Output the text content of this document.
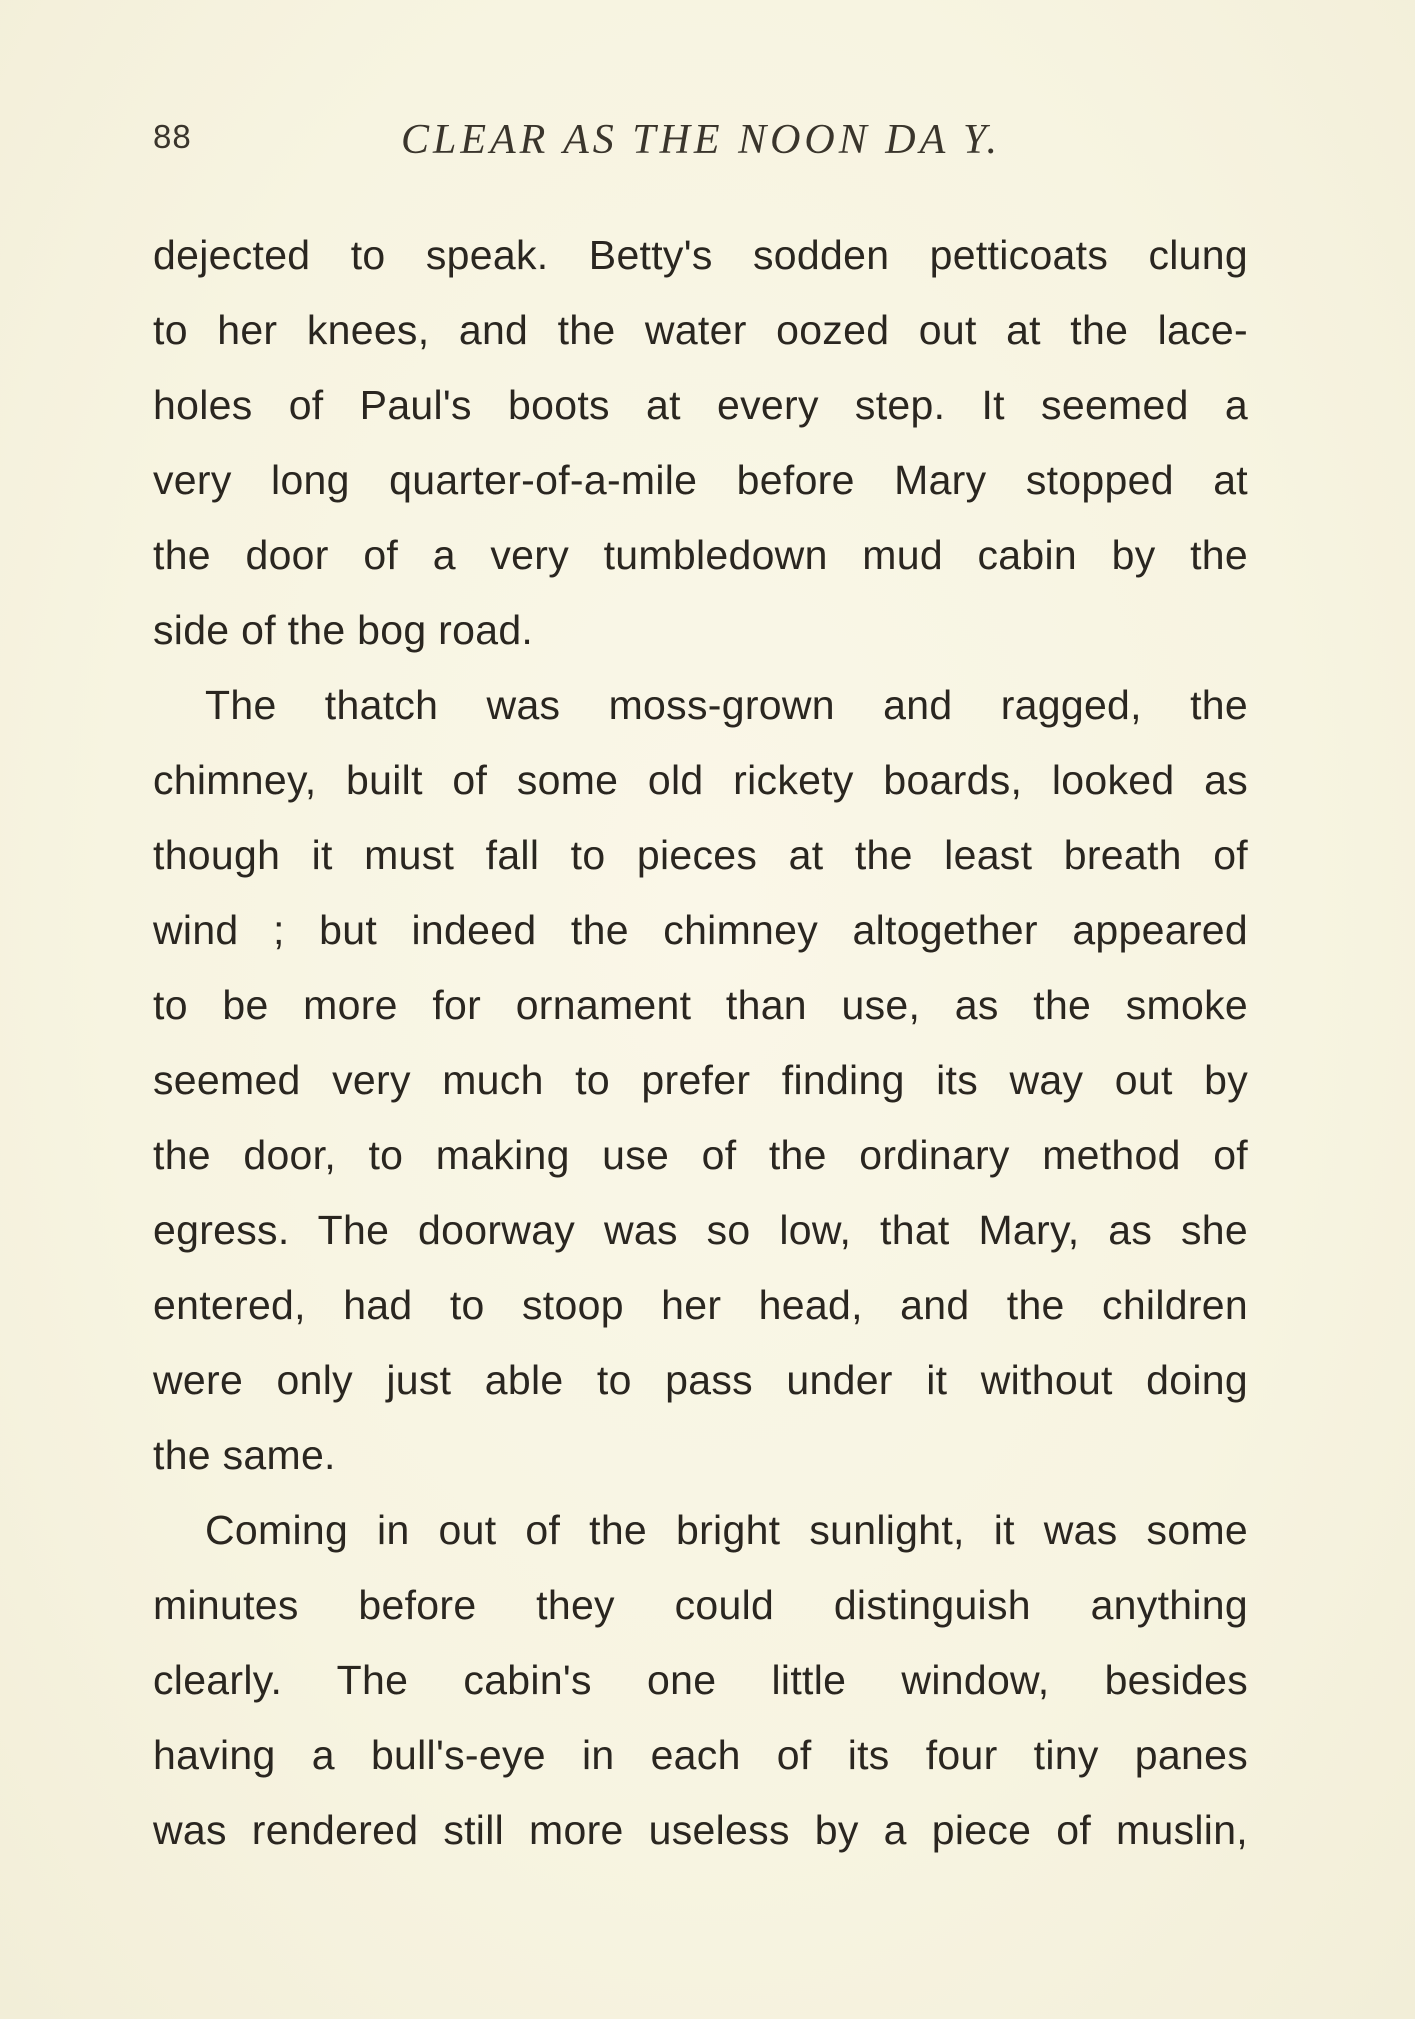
88	CLEAR AS THE NOON DA Y.
dejected to speak. Betty's sodden petticoats clung
to her knees, and the water oozed out at the lace-
holes of Paul's boots at every step. It seemed a
very long quarter-of-a-mile before Mary stopped at
the door of a very tumbledown mud cabin by the
side of the bog road.
The thatch was moss-grown and ragged, the
chimney, built of some old rickety boards, looked as
though it must fall to pieces at the least breath of
wind ; but indeed the chimney altogether appeared
to be more for ornament than use, as the smoke
seemed very much to prefer finding its way out by
the door, to making use of the ordinary method of
egress. The doorway was so low, that Mary, as she
entered, had to stoop her head, and the children
were only just able to pass under it without doing
the same.
Coming in out of the bright sunlight, it was some
minutes before they could distinguish anything
clearly. The cabin's one little window, besides
having a bull's-eye in each of its four tiny panes
was rendered still more useless by a piece of muslin,
